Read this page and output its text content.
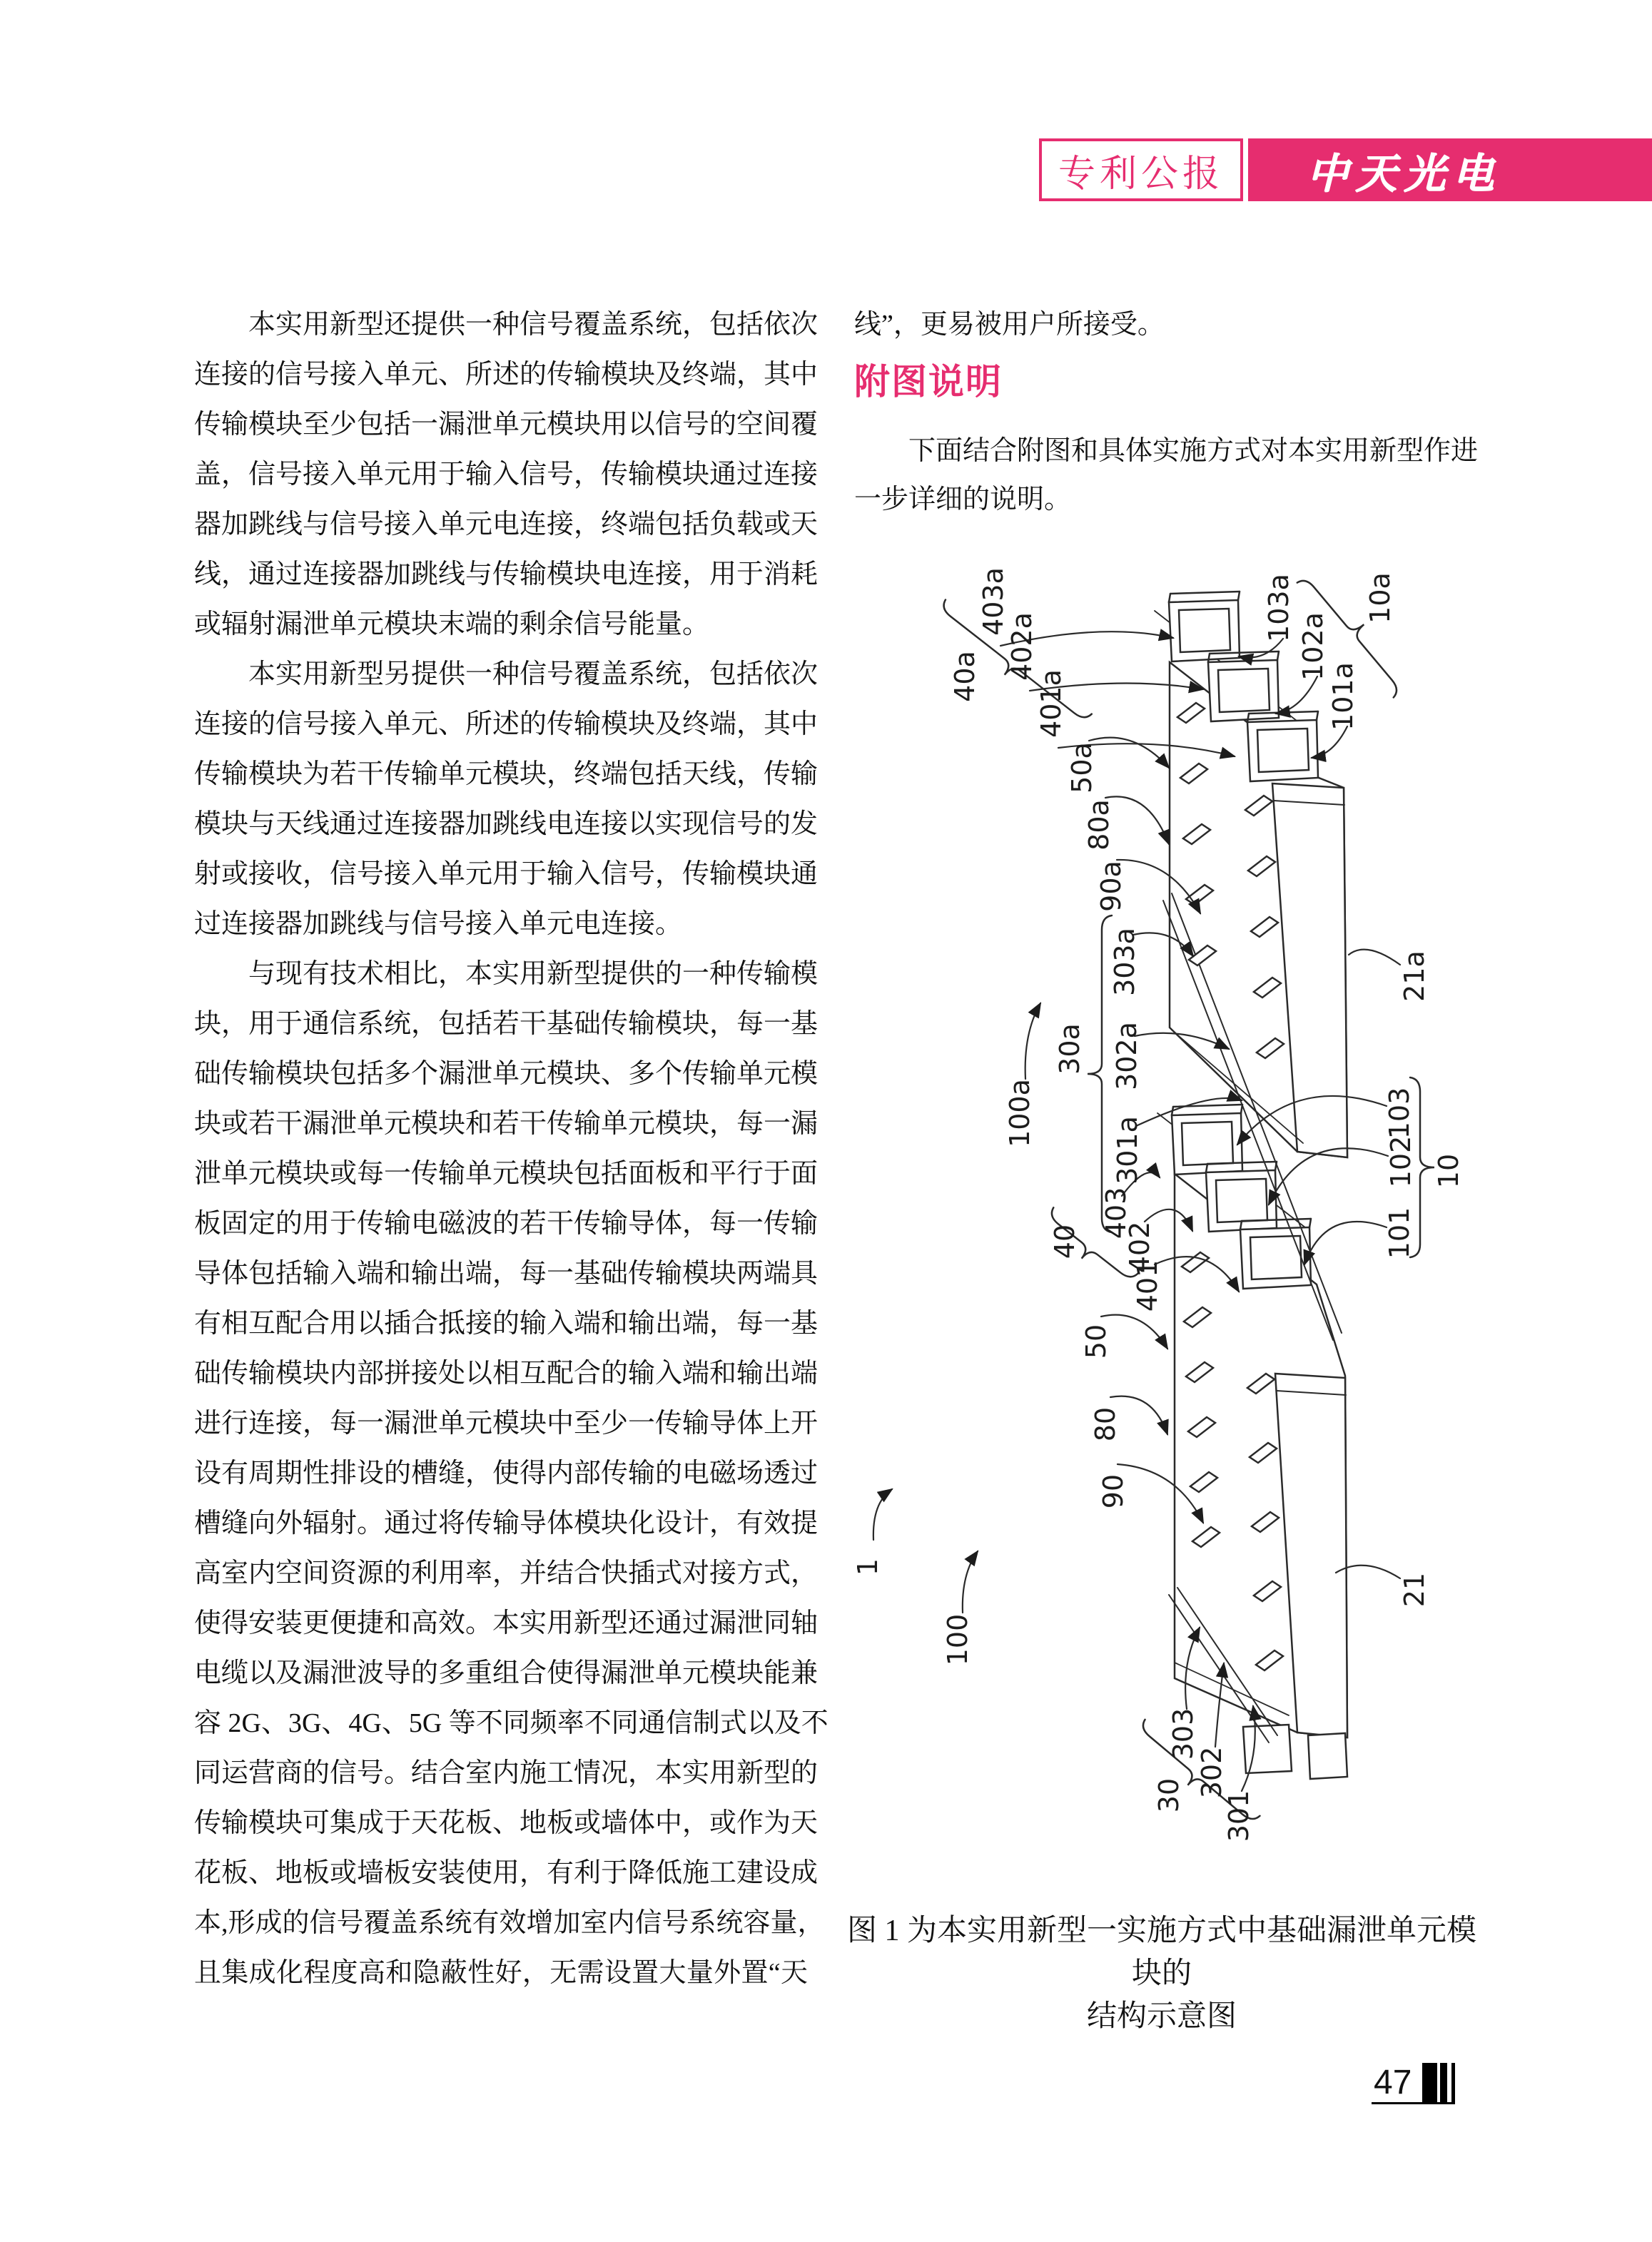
专利公报 中天光电
　　本实用新型还提供一种信号覆盖系统，包括依次
连接的信号接入单元、所述的传输模块及终端，其中
传输模块至少包括一漏泄单元模块用以信号的空间覆
盖，信号接入单元用于输入信号，传输模块通过连接
器加跳线与信号接入单元电连接，终端包括负载或天
线，通过连接器加跳线与传输模块电连接，用于消耗
或辐射漏泄单元模块末端的剩余信号能量。
　　本实用新型另提供一种信号覆盖系统，包括依次
连接的信号接入单元、所述的传输模块及终端，其中
传输模块为若干传输单元模块，终端包括天线，传输
模块与天线通过连接器加跳线电连接以实现信号的发
射或接收，信号接入单元用于输入信号，传输模块通
过连接器加跳线与信号接入单元电连接。
　　与现有技术相比，本实用新型提供的一种传输模
块，用于通信系统，包括若干基础传输模块，每一基
础传输模块包括多个漏泄单元模块、多个传输单元模
块或若干漏泄单元模块和若干传输单元模块，每一漏
泄单元模块或每一传输单元模块包括面板和平行于面
板固定的用于传输电磁波的若干传输导体，每一传输
导体包括输入端和输出端，每一基础传输模块两端具
有相互配合用以插合抵接的输入端和输出端，每一基
础传输模块内部拼接处以相互配合的输入端和输出端
进行连接，每一漏泄单元模块中至少一传输导体上开
设有周期性排设的槽缝，使得内部传输的电磁场透过
槽缝向外辐射。通过将传输导体模块化设计，有效提
高室内空间资源的利用率，并结合快插式对接方式，
使得安装更便捷和高效。本实用新型还通过漏泄同轴
电缆以及漏泄波导的多重组合使得漏泄单元模块能兼
容 2G、3G、4G、5G 等不同频率不同通信制式以及不
同运营商的信号。结合室内施工情况，本实用新型的
传输模块可集成于天花板、地板或墙体中，或作为天
花板、地板或墙板安装使用，有利于降低施工建设成
本,形成的信号覆盖系统有效增加室内信号系统容量，
且集成化程度高和隐蔽性好，无需设置大量外置“天
线”，更易被用户所接受。
附图说明
　　下面结合附图和具体实施方式对本实用新型作进
一步详细的说明。
403a
402a
401a
40a
50a
80a
90a
100a
30a
303a
302a
301a
103a
102a
101a
10a
21a
40
403
402
401
50
80
90
1
100
30
303
302
301
103
102
101
10
21
图 1 为本实用新型一实施方式中基础漏泄单元模块的
结构示意图
47
